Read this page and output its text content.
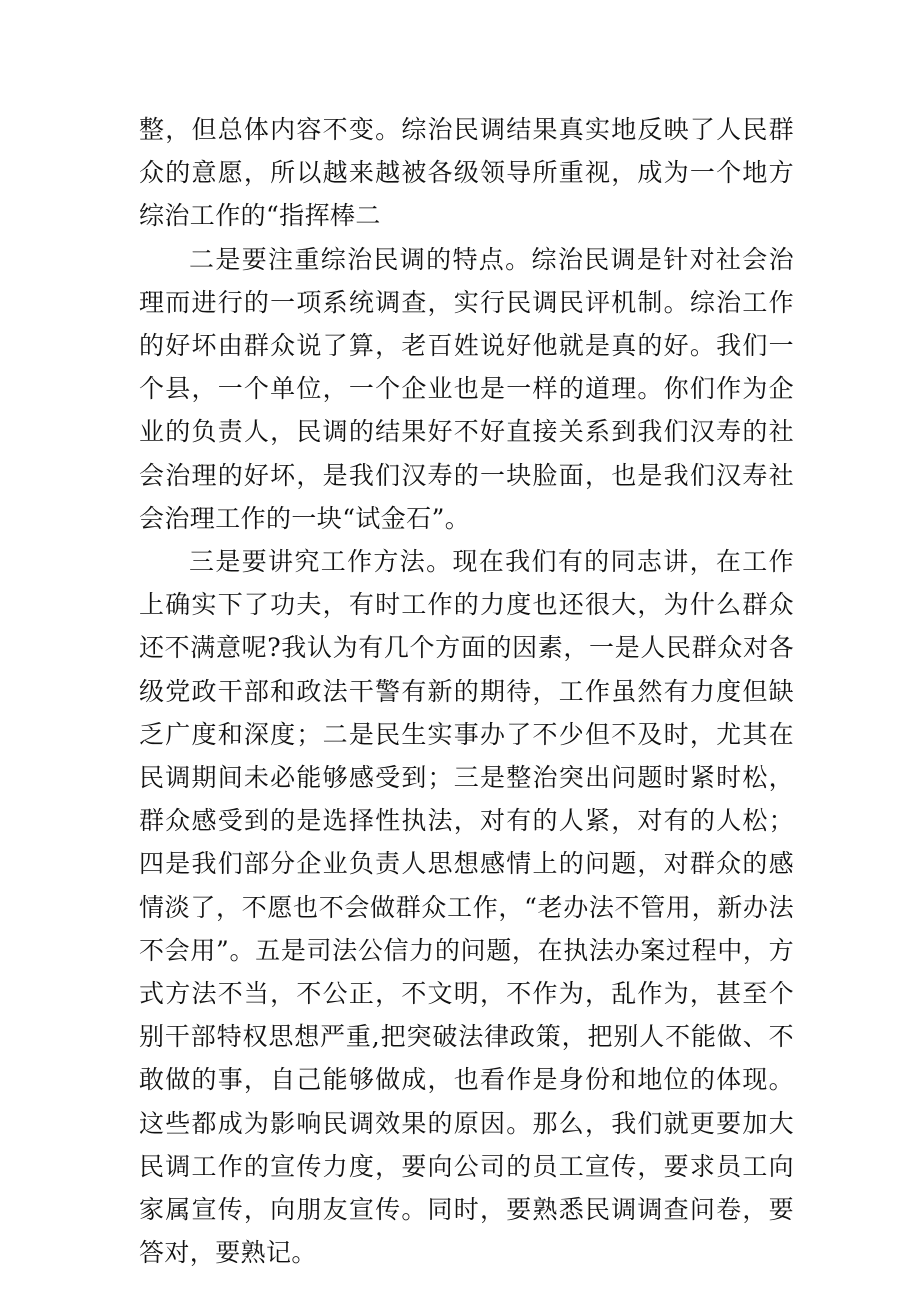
整，但总体内容不变。综治民调结果真实地反映了人民群众的意愿，所以越来越被各级领导所重视，成为一个地方综治工作的“指挥棒二

二是要注重综治民调的特点。综治民调是针对社会治理而进行的一项系统调查，实行民调民评机制。综治工作的好坏由群众说了算，老百姓说好他就是真的好。我们一个县，一个单位，一个企业也是一样的道理。你们作为企业的负责人，民调的结果好不好直接关系到我们汉寿的社会治理的好坏，是我们汉寿的一块脸面，也是我们汉寿社会治理工作的一块“试金石”。

三是要讲究工作方法。现在我们有的同志讲，在工作上确实下了功夫，有时工作的力度也还很大，为什么群众还不满意呢?我认为有几个方面的因素，一是人民群众对各级党政干部和政法干警有新的期待，工作虽然有力度但缺乏广度和深度；二是民生实事办了不少但不及时，尤其在民调期间未必能够感受到；三是整治突出问题时紧时松，群众感受到的是选择性执法，对有的人紧，对有的人松；四是我们部分企业负责人思想感情上的问题，对群众的感情淡了，不愿也不会做群众工作，“老办法不管用，新办法不会用”。五是司法公信力的问题，在执法办案过程中，方式方法不当，不公正，不文明，不作为，乱作为，甚至个别干部特权思想严重,把突破法律政策，把别人不能做、不敢做的事，自己能够做成，也看作是身份和地位的体现。这些都成为影响民调效果的原因。那么，我们就更要加大民调工作的宣传力度，要向公司的员工宣传，要求员工向家属宣传，向朋友宣传。同时，要熟悉民调调查问卷，要答对，要熟记。
